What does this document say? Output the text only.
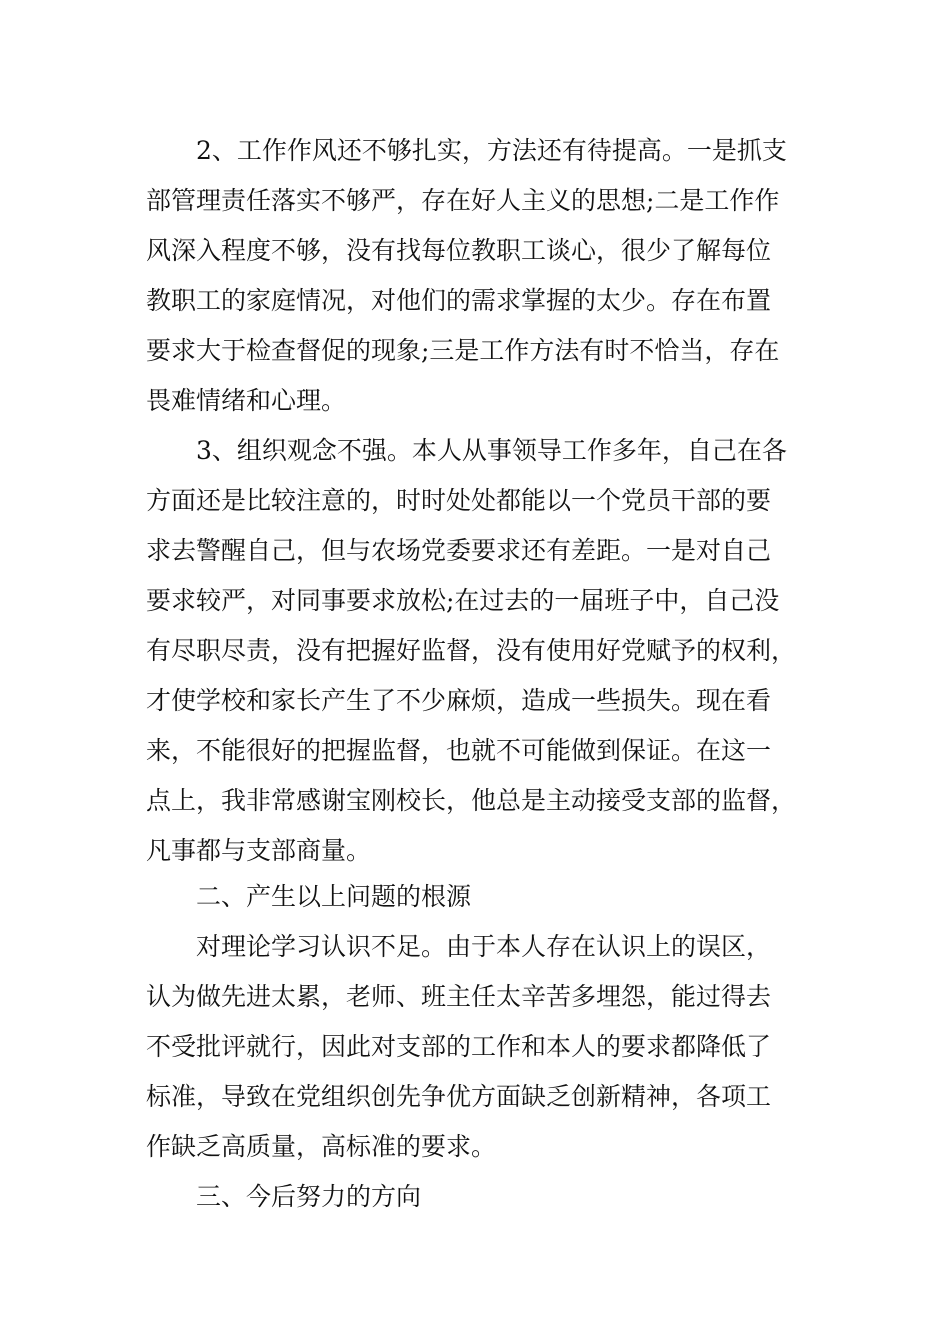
2、工作作风还不够扎实，方法还有待提高。一是抓支
部管理责任落实不够严，存在好人主义的思想;二是工作作
风深入程度不够，没有找每位教职工谈心，很少了解每位
教职工的家庭情况，对他们的需求掌握的太少。存在布置
要求大于检查督促的现象;三是工作方法有时不恰当，存在
畏难情绪和心理。
3、组织观念不强。本人从事领导工作多年，自己在各
方面还是比较注意的，时时处处都能以一个党员干部的要
求去警醒自己，但与农场党委要求还有差距。一是对自己
要求较严，对同事要求放松;在过去的一届班子中，自己没
有尽职尽责，没有把握好监督，没有使用好党赋予的权利，
才使学校和家长产生了不少麻烦，造成一些损失。现在看
来，不能很好的把握监督，也就不可能做到保证。在这一
点上，我非常感谢宝刚校长，他总是主动接受支部的监督，
凡事都与支部商量。
二、产生以上问题的根源
对理论学习认识不足。由于本人存在认识上的误区，
认为做先进太累，老师、班主任太辛苦多埋怨，能过得去
不受批评就行，因此对支部的工作和本人的要求都降低了
标准，导致在党组织创先争优方面缺乏创新精神，各项工
作缺乏高质量，高标准的要求。
三、今后努力的方向
